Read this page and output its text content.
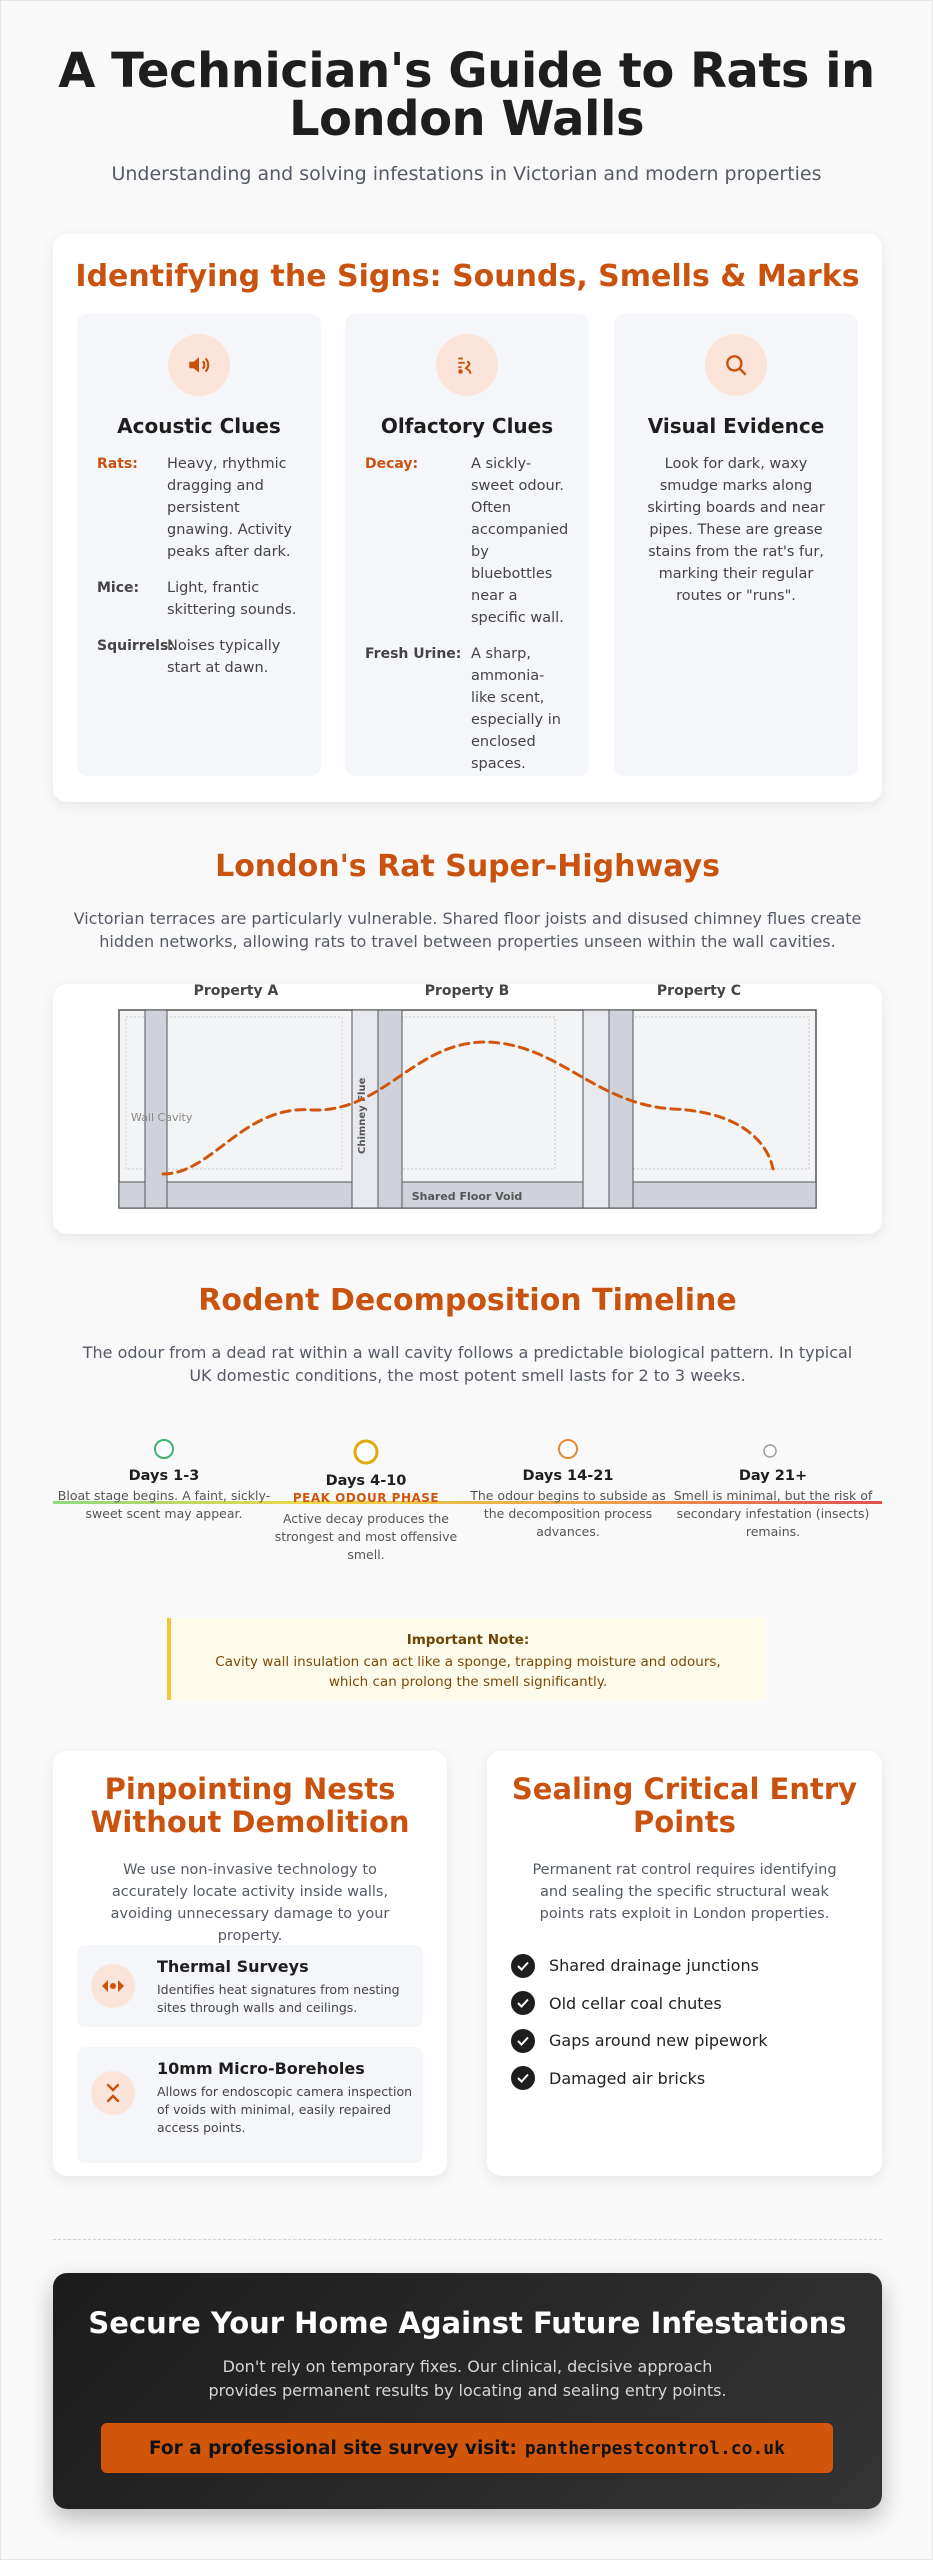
A Technician's Guide to Rats in
London Walls

Understanding and solving infestations in Victorian and modern properties

Identifying the Signs: Sounds, Smells & Marks
Acoustic Clues
Rats:	Heavy, rhythmic dragging and persistent gnawing. Activity peaks after dark.
Mice:	Light, frantic skittering sounds.
Squirrels:
Noises typically start at dawn.
Olfactory Clues
Decay:	A sickly-sweet odour. Often accompanied by bluebottles near a specific wall.
Fresh Urine: A sharp, ammonia-like scent, especially in enclosed spaces.
Visual Evidence

Look for dark, waxy smudge marks along skirting boards and near pipes. These are grease stains from the rat's fur, marking their regular routes or "runs".

London's Rat Super-Highways

Victorian terraces are particularly vulnerable. Shared floor joists and disused chimney flues create hidden networks, allowing rats to travel between properties unseen within the wall cavities.

Property A	Property B	Property C
Shared Floor Void
Wall Cavity	Chimney Flue
Rodent Decomposition Timeline

The odour from a dead rat within a wall cavity follows a predictable biological pattern. In typical UK domestic conditions, the most potent smell lasts for 2 to 3 weeks.

Days 1-3
Bloat stage begins. A faint, sickly-sweet scent may appear.
Days 4-10
PEAK ODOUR PHASE
Active decay produces the strongest and most offensive smell.
Days 14-21
The odour begins to subside as the decomposition process advances.
Day 21+
Smell is minimal, but the risk of secondary infestation (insects) remains.
Important Note:
Cavity wall insulation can act like a sponge, trapping moisture and odours, which can prolong the smell significantly.
Pinpointing Nests
Without Demolition

We use non-invasive technology to accurately locate activity inside walls, avoiding unnecessary damage to your property.

Thermal Surveys

Identifies heat signatures from nesting sites through walls and ceilings.

10mm Micro-Boreholes

Allows for endoscopic camera inspection of voids with minimal, easily repaired access points.

Sealing Critical Entry
Points

Permanent rat control requires identifying and sealing the specific structural weak points rats exploit in London properties.

Shared drainage junctions
Old cellar coal chutes
Gaps around new pipework
Damaged air bricks
Secure Your Home Against Future Infestations

Don't rely on temporary fixes. Our clinical, decisive approach provides permanent results by locating and sealing entry points.

For a professional site survey visit: pantherpestcontrol.co.uk
